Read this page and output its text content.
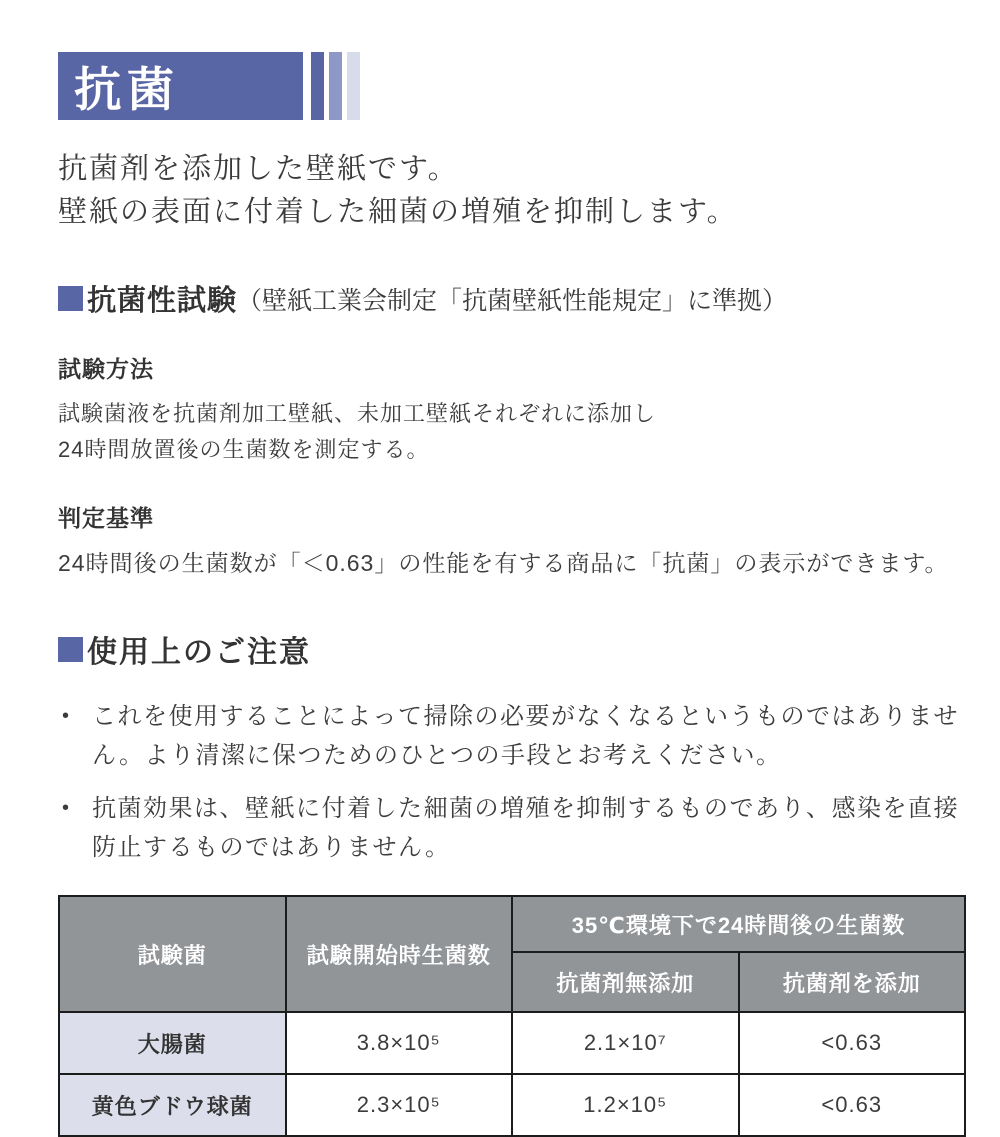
抗菌
抗菌剤を添加した壁紙です。
壁紙の表面に付着した細菌の増殖を抑制します。
抗菌性試験 （壁紙工業会制定「抗菌壁紙性能規定」に準拠）
試験方法
試験菌液を抗菌剤加工壁紙、未加工壁紙それぞれに添加し
24時間放置後の生菌数を測定する。
判定基準
24時間後の生菌数が「＜0.63」の性能を有する商品に「抗菌」の表示ができます。
使用上のご注意
• これを使用することによって掃除の必要がなくなるというものではありません。より清潔に保つためのひとつの手段とお考えください。
• 抗菌効果は、壁紙に付着した細菌の増殖を抑制するものであり、感染を直接防止するものではありません。
試験菌	試験開始時生菌数	35℃環境下で24時間後の生菌数	
		抗菌剤無添加	抗菌剤を添加
大腸菌	3.8×10⁵	2.1×10⁷	<0.63
黄色ブドウ球菌	2.3×10⁵	1.2×10⁵	<0.63
